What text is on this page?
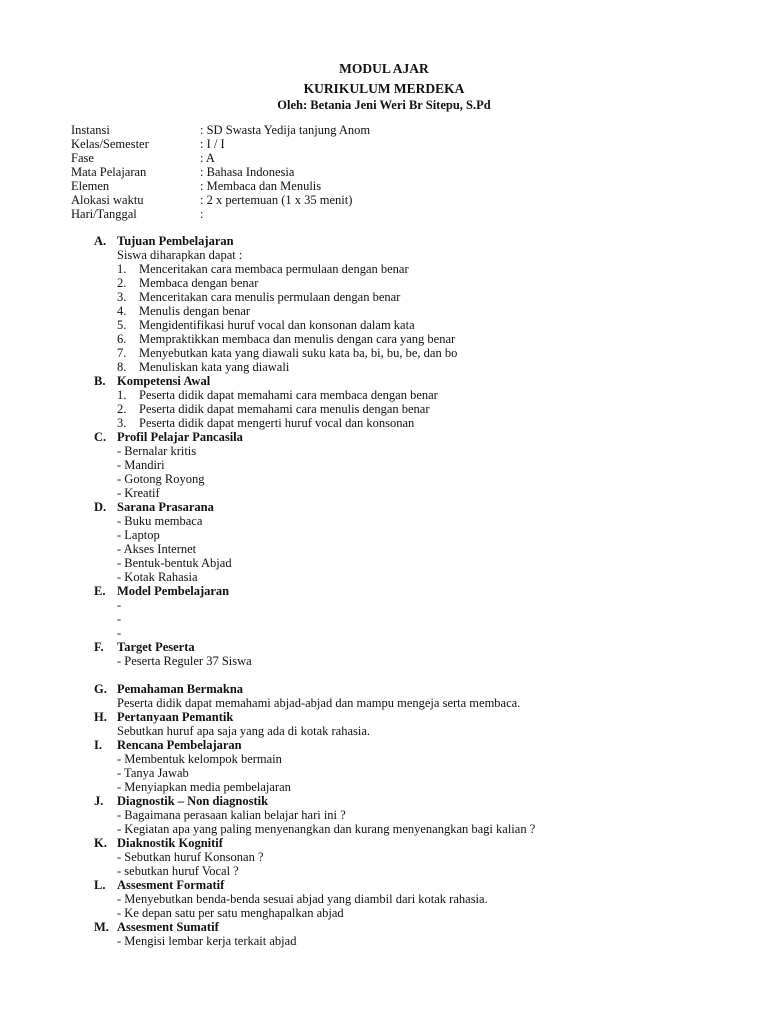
MODUL AJAR
KURIKULUM MERDEKA
Oleh: Betania Jeni Weri Br Sitepu, S.Pd
Instansi	: SD Swasta Yedija tanjung Anom
Kelas/Semester	: I / I
Fase	: A
Mata Pelajaran	: Bahasa Indonesia
Elemen	: Membaca dan Menulis
Alokasi waktu	: 2 x pertemuan (1 x 35 menit)
Hari/Tanggal	:
A. Tujuan Pembelajaran
Siswa diharapkan dapat :
1.	Menceritakan cara membaca permulaan dengan benar
2.	Membaca dengan benar
3.	Menceritakan cara menulis permulaan dengan benar
4.	Menulis dengan benar
5.	Mengidentifikasi huruf vocal dan konsonan dalam kata
6.	Mempraktikkan membaca dan menulis dengan cara yang benar
7.	Menyebutkan kata yang diawali suku kata ba, bi, bu, be, dan bo
8.	Menuliskan kata yang diawali
B. Kompetensi Awal
1.	Peserta didik dapat memahami cara membaca dengan benar
2.	Peserta didik dapat memahami cara menulis dengan benar
3.	Peserta didik dapat mengerti huruf vocal dan konsonan
C. Profil Pelajar Pancasila
- Bernalar kritis
- Mandiri
- Gotong Royong
- Kreatif
D. Sarana Prasarana
- Buku membaca
- Laptop
- Akses Internet
- Bentuk-bentuk Abjad
- Kotak Rahasia
E. Model Pembelajaran
-
-
-
F.	Target Peserta
- Peserta Reguler 37 Siswa
G. Pemahaman Bermakna
Peserta didik dapat memahami abjad-abjad dan mampu mengeja serta membaca.
H. Pertanyaan Pemantik
Sebutkan huruf apa saja yang ada di kotak rahasia.
I.	Rencana Pembelajaran
- Membentuk kelompok bermain
- Tanya Jawab
- Menyiapkan media pembelajaran
J.	Diagnostik – Non diagnostik
- Bagaimana perasaan kalian belajar hari ini ?
- Kegiatan apa yang paling menyenangkan dan kurang menyenangkan bagi kalian ?
K. Diaknostik Kognitif
- Sebutkan huruf Konsonan ?
- sebutkan huruf Vocal ?
L. Assesment Formatif
- Menyebutkan benda-benda sesuai abjad yang diambil dari kotak rahasia.
- Ke depan satu per satu menghapalkan abjad
M. Assesment Sumatif
- Mengisi lembar kerja terkait abjad
